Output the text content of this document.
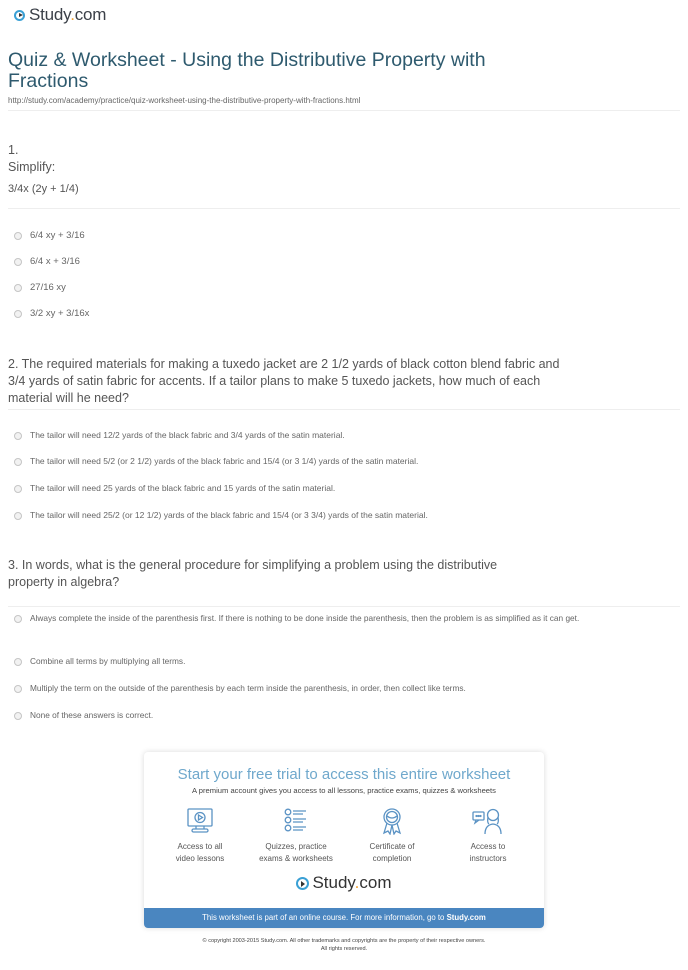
Study.com
Quiz & Worksheet - Using the Distributive Property with Fractions
http://study.com/academy/practice/quiz-worksheet-using-the-distributive-property-with-fractions.html
1.
Simplify:
3/4x (2y + 1/4)
6/4 xy + 3/16
6/4 x + 3/16
27/16 xy
3/2 xy + 3/16x
2. The required materials for making a tuxedo jacket are 2 1/2 yards of black cotton blend fabric and 3/4 yards of satin fabric for accents. If a tailor plans to make 5 tuxedo jackets, how much of each material will he need?
The tailor will need 12/2 yards of the black fabric and 3/4 yards of the satin material.
The tailor will need 5/2 (or 2 1/2) yards of the black fabric and 15/4 (or 3 1/4) yards of the satin material.
The tailor will need 25 yards of the black fabric and 15 yards of the satin material.
The tailor will need 25/2 (or 12 1/2) yards of the black fabric and 15/4 (or 3 3/4) yards of the satin material.
3. In words, what is the general procedure for simplifying a problem using the distributive property in algebra?
Always complete the inside of the parenthesis first. If there is nothing to be done inside the parenthesis, then the problem is as simplified as it can get.
Combine all terms by multiplying all terms.
Multiply the term on the outside of the parenthesis by each term inside the parenthesis, in order, then collect like terms.
None of these answers is correct.
Start your free trial to access this entire worksheet
A premium account gives you access to all lessons, practice exams, quizzes & worksheets
Access to all
video lessons
Quizzes, practice
exams & worksheets
Certificate of
completion
Access to
instructors
Study.com
This worksheet is part of an online course. For more information, go to Study.com
© copyright 2003-2015 Study.com. All other trademarks and copyrights are the property of their respective owners.
All rights reserved.
